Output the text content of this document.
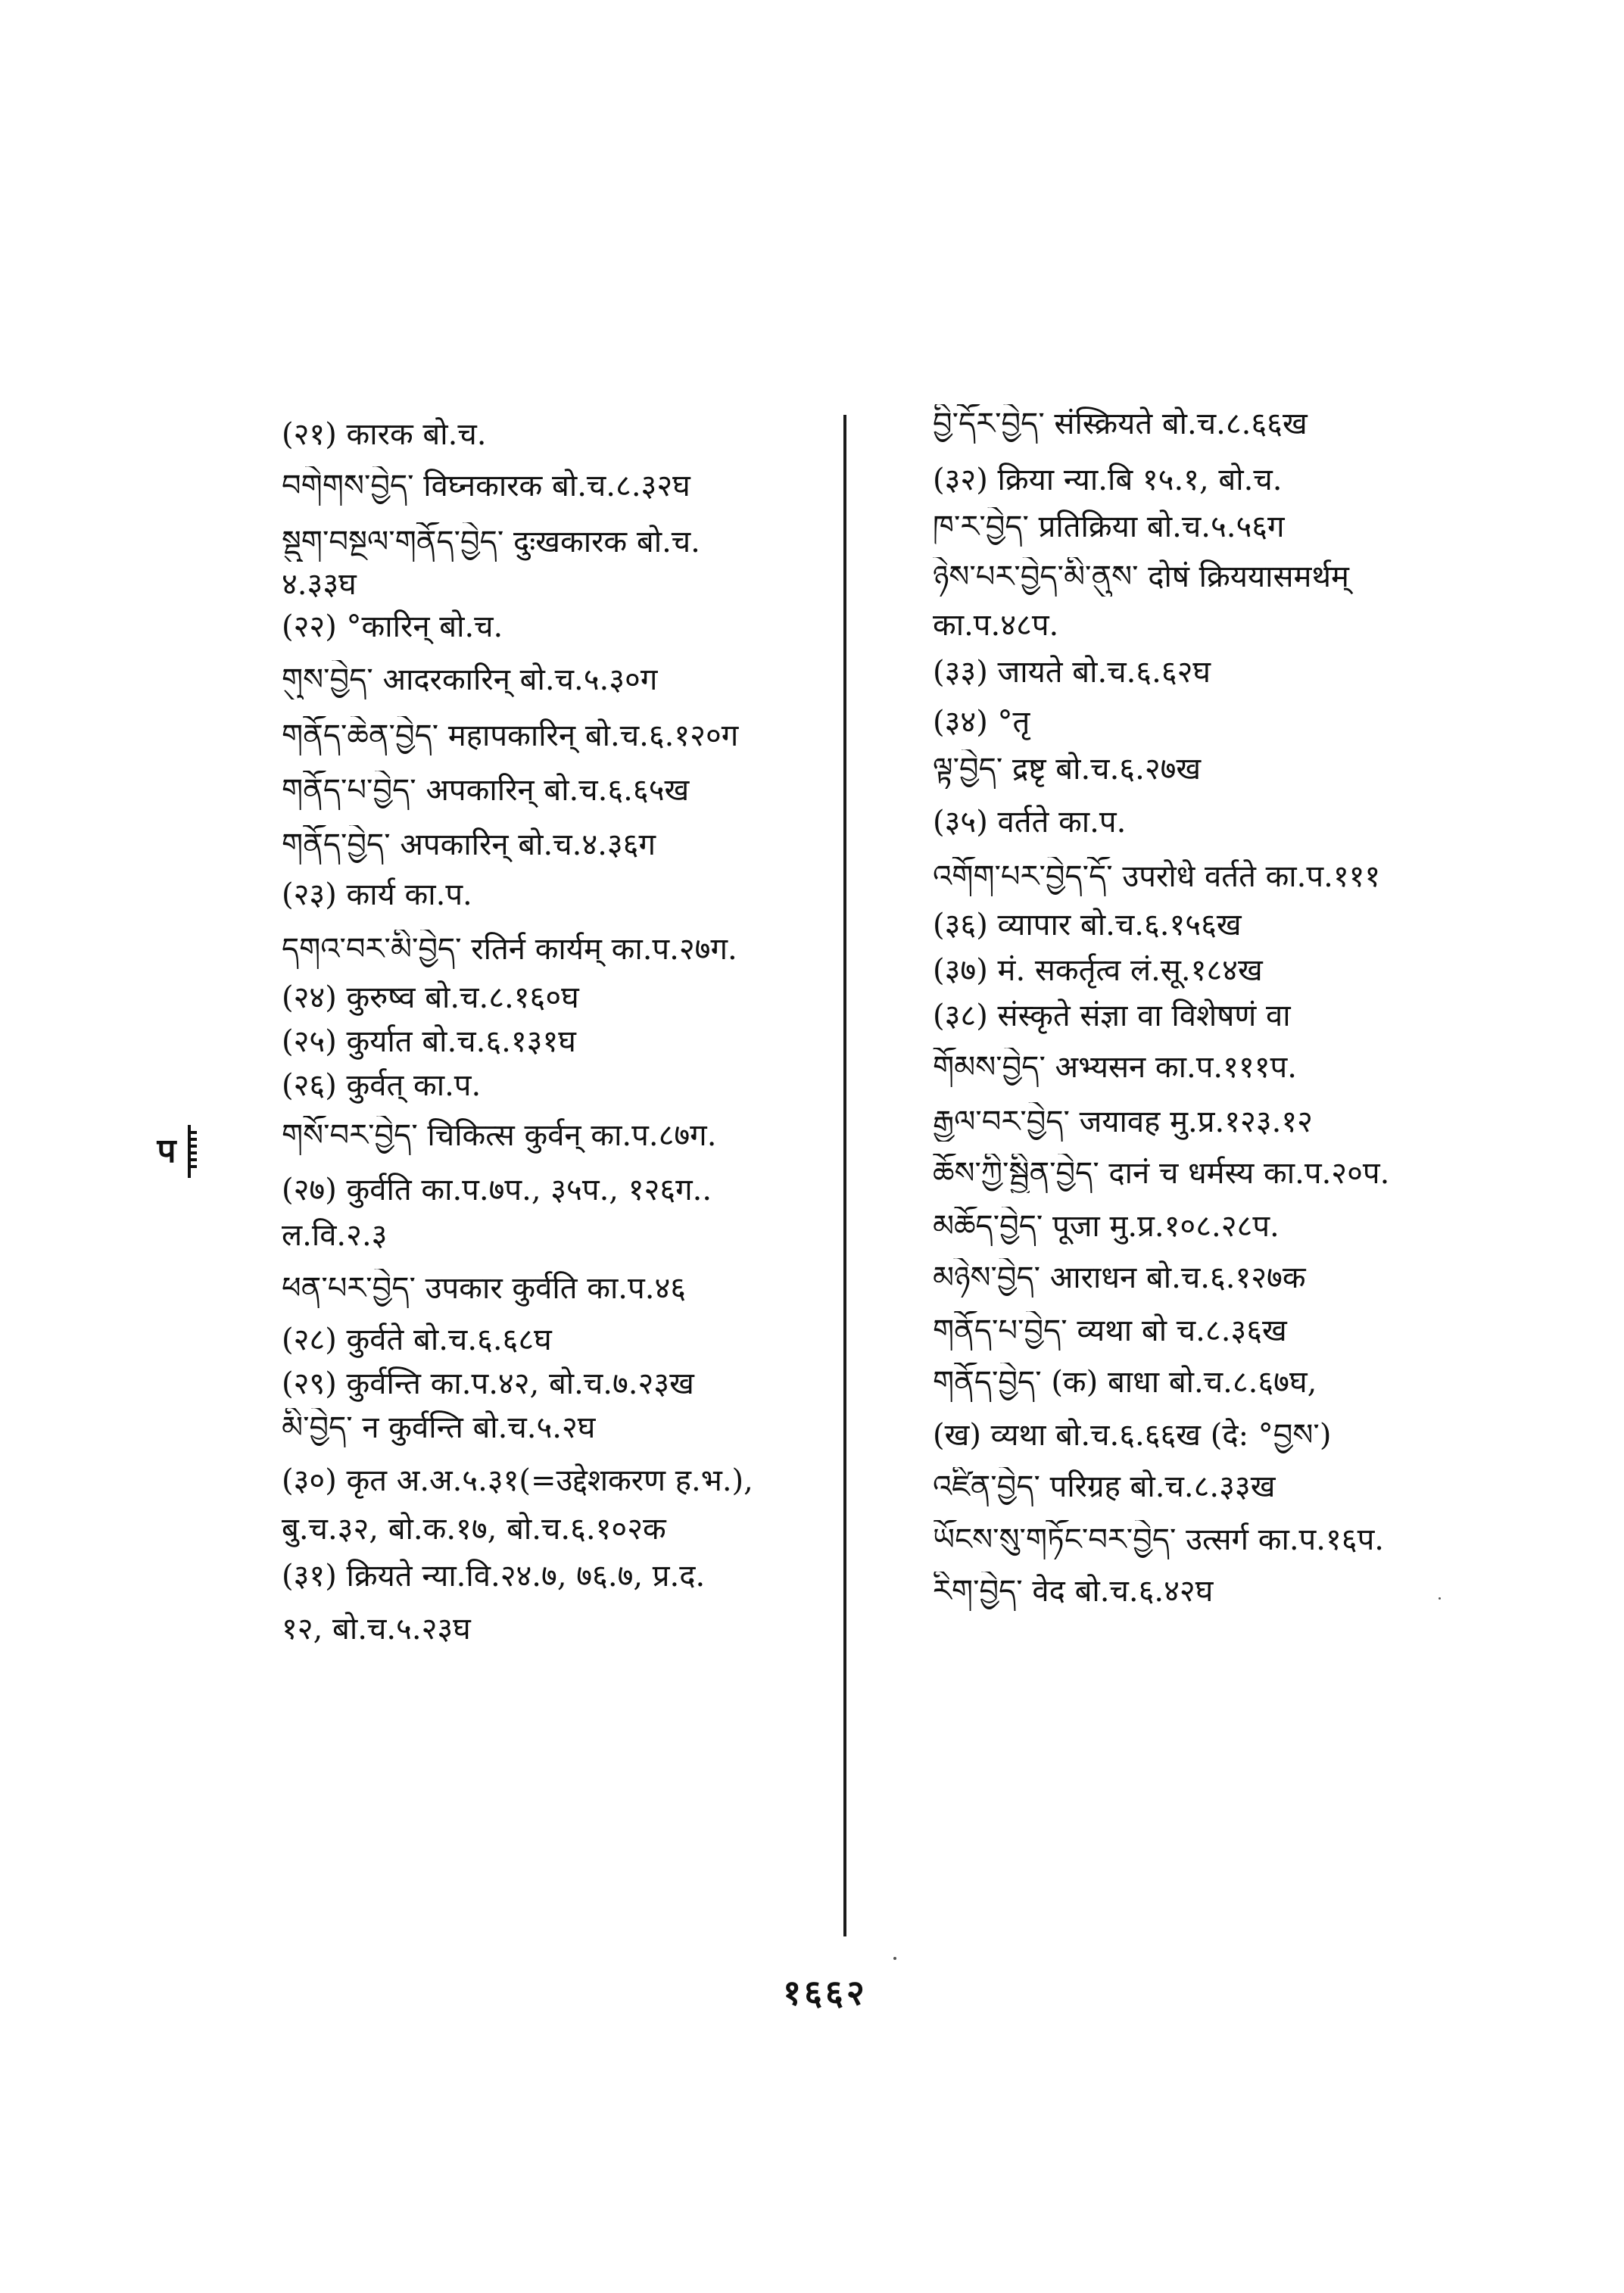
(२१) कारक बो.च.

བགེགས་བྱེད་ विघ्नकारक बो.च.८.३२घ

སྡུག་བསྔལ་གནོད་བྱེད་ दुःखकारक बो.च.

४.३३घ

(२२) °कारिन् बो.च.

གུས་བྱེད་ आदरकारिन् बो.च.५.३०ग

གནོད་ཆེན་བྱེད་ महापकारिन् बो.च.६.१२०ग

གནོད་པ་བྱེད་ अपकारिन् बो.च.६.६५ख

གནོད་བྱེད་ अपकारिन् बो.च.४.३६ग

(२३) कार्य का.प.

དགའ་བར་མི་བྱེད་ रतिर्न कार्यम् का.प.२७ग.

(२४) कुरुष्व बो.च.८.१६०घ

(२५) कुर्यात बो.च.६.१३१घ

(२६) कुर्वत् का.प.

གསོ་བར་བྱེད་ चिकित्स कुर्वन् का.प.८७ग.

(२७) कुर्वति का.प.७प., ३५प., १२६ग..

ल.वि.२.३

ཕན་པར་བྱེད་ उपकार कुर्वति का.प.४६

(२८) कुर्वते बो.च.६.६८घ

(२९) कुर्वन्ति का.प.४२, बो.च.७.२३ख

མི་བྱེད་ न कुर्वन्ति बो.च.५.२घ

(३०) कृत अ.अ.५.३१(=उद्देशकरण ह.भ.),

बु.च.३२, बो.क.१७, बो.च.६.१०२क

(३१) क्रियते न्या.वि.२४.७, ७६.७, प्र.द.

१२, बो.च.५.२३घ

བྱི་དོར་བྱེད་ संस्क्रियते बो.च.८.६६ख

(३२) क्रिया न्या.बि १५.१, बो.च.

ཁ་ར་བྱེད་ प्रतिक्रिया बो.च.५.५६ग

ཉེས་པར་བྱེད་མི་ནུས་ दोषं क्रिययासमर्थम्

का.प.४८प.

(३३) जायते बो.च.६.६२घ

(३४) °तृ

ལྟ་བྱེད་ द्रष्टृ बो.च.६.२७ख

(३५) वर्तते का.प.

འགོག་པར་བྱེད་དོ་ उपरोधे वर्तते का.प.१११

(३६) व्यापार बो.च.६.१५६ख

(३७) मं. सकर्तृत्व लं.सू.१८४ख

(३८) संस्कृते संज्ञा वा विशेषणं वा

གོམས་བྱེད་ अभ्यसन का.प.१११प.

རྒྱལ་བར་བྱེད་ जयावह मु.प्र.१२३.१२

ཆོས་ཀྱི་སྦྱིན་བྱེད་ दानं च धर्मस्य का.प.२०प.

མཆོད་བྱེད་ पूजा मु.प्र.१०८.२८प.

མཉེས་བྱེད་ आराधन बो.च.६.१२७क

གནོད་པ་བྱེད་ व्यथा बो च.८.३६ख

གནོད་བྱེད་ (क) बाधा बो.च.८.६७घ,

(ख) व्यथा बो.च.६.६६ख (दे: °བྱས་)

འཛིན་བྱེད་ परिग्रह बो.च.८.३३ख

ཡོངས་སུ་གཏོང་བར་བྱེད་ उत्सर्ग का.प.१६प.

རིག་བྱེད་ वेद बो.च.६.४२घ

प
१६६२
